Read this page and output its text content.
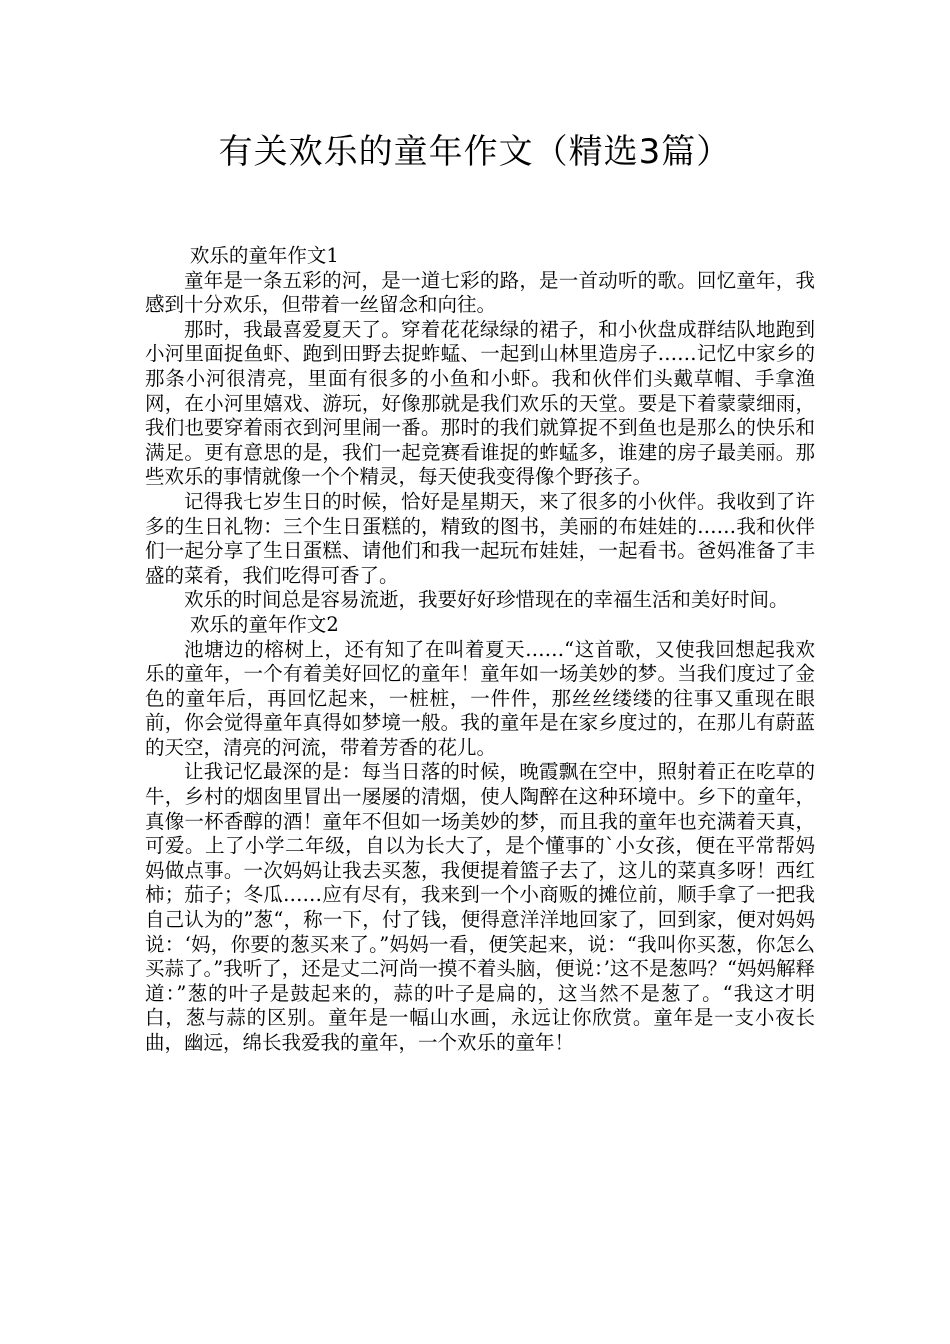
有关欢乐的童年作文（精选3篇）

欢乐的童年作文1

童年是一条五彩的河，是一道七彩的路，是一首动听的歌。回忆童年，我感到十分欢乐，但带着一丝留念和向往。

那时，我最喜爱夏天了。穿着花花绿绿的裙子，和小伙盘成群结队地跑到小河里面捉鱼虾、跑到田野去捉蚱蜢、一起到山林里造房子……记忆中家乡的那条小河很清亮，里面有很多的小鱼和小虾。我和伙伴们头戴草帽、手拿渔网，在小河里嬉戏、游玩，好像那就是我们欢乐的天堂。要是下着蒙蒙细雨，我们也要穿着雨衣到河里闹一番。那时的我们就算捉不到鱼也是那么的快乐和满足。更有意思的是，我们一起竞赛看谁捉的蚱蜢多，谁建的房子最美丽。那些欢乐的事情就像一个个精灵，每天使我变得像个野孩子。

记得我七岁生日的时候，恰好是星期天，来了很多的小伙伴。我收到了许多的生日礼物：三个生日蛋糕的，精致的图书，美丽的布娃娃的……我和伙伴们一起分享了生日蛋糕、请他们和我一起玩布娃娃，一起看书。爸妈准备了丰盛的菜肴，我们吃得可香了。

欢乐的时间总是容易流逝，我要好好珍惜现在的幸福生活和美好时间。

欢乐的童年作文2

池塘边的榕树上，还有知了在叫着夏天……“这首歌，又使我回想起我欢乐的童年，一个有着美好回忆的童年！童年如一场美妙的梦。当我们度过了金色的童年后，再回忆起来，一桩桩，一件件，那丝丝缕缕的往事又重现在眼前，你会觉得童年真得如梦境一般。我的童年是在家乡度过的，在那儿有蔚蓝的天空，清亮的河流，带着芳香的花儿。

让我记忆最深的是：每当日落的时候，晚霞飘在空中，照射着正在吃草的牛，乡村的烟囱里冒出一屡屡的清烟，使人陶醉在这种环境中。乡下的童年，真像一杯香醇的酒！童年不但如一场美妙的梦，而且我的童年也充满着天真，可爱。上了小学二年级，自以为长大了，是个懂事的`小女孩，便在平常帮妈妈做点事。一次妈妈让我去买葱，我便提着篮子去了，这儿的菜真多呀！西红柿；茄子；冬瓜……应有尽有，我来到一个小商贩的摊位前，顺手拿了一把我自己认为的”葱“，称一下，付了钱，便得意洋洋地回家了，回到家，便对妈妈说：‘妈，你要的葱买来了。”妈妈一看，便笑起来，说：“我叫你买葱，你怎么买蒜了。”我听了，还是丈二河尚一摸不着头脑，便说：’这不是葱吗？“妈妈解释道：”葱的叶子是鼓起来的，蒜的叶子是扁的，这当然不是葱了。“我这才明白，葱与蒜的区别。童年是一幅山水画，永远让你欣赏。童年是一支小夜长曲，幽远，绵长我爱我的童年，一个欢乐的童年！
